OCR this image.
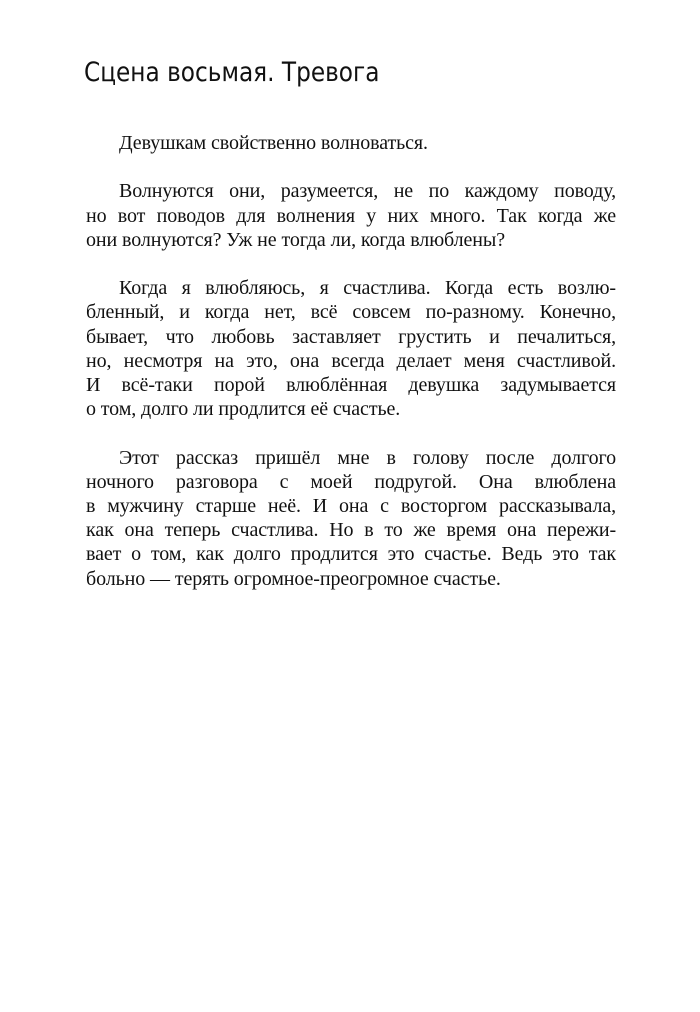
Сцена восьмая. Тревога

Девушкам свойственно волноваться.

Волнуются они, разумеется, не по каждому поводу,
но вот поводов для волнения у них много. Так когда же
они волнуются? Уж не тогда ли, когда влюблены?

Когда я влюбляюсь, я счастлива. Когда есть возлю-
бленный, и когда нет, всё совсем по-разному. Конечно,
бывает, что любовь заставляет грустить и печалиться,
но, несмотря на это, она всегда делает меня счастливой.
И всё-таки порой влюблённая девушка задумывается
о том, долго ли продлится её счастье.

Этот рассказ пришёл мне в голову после долгого
ночного разговора с моей подругой. Она влюблена
в мужчину старше неё. И она с восторгом рассказывала,
как она теперь счастлива. Но в то же время она пережи-
вает о том, как долго продлится это счастье. Ведь это так
больно — терять огромное-преогромное счастье.
